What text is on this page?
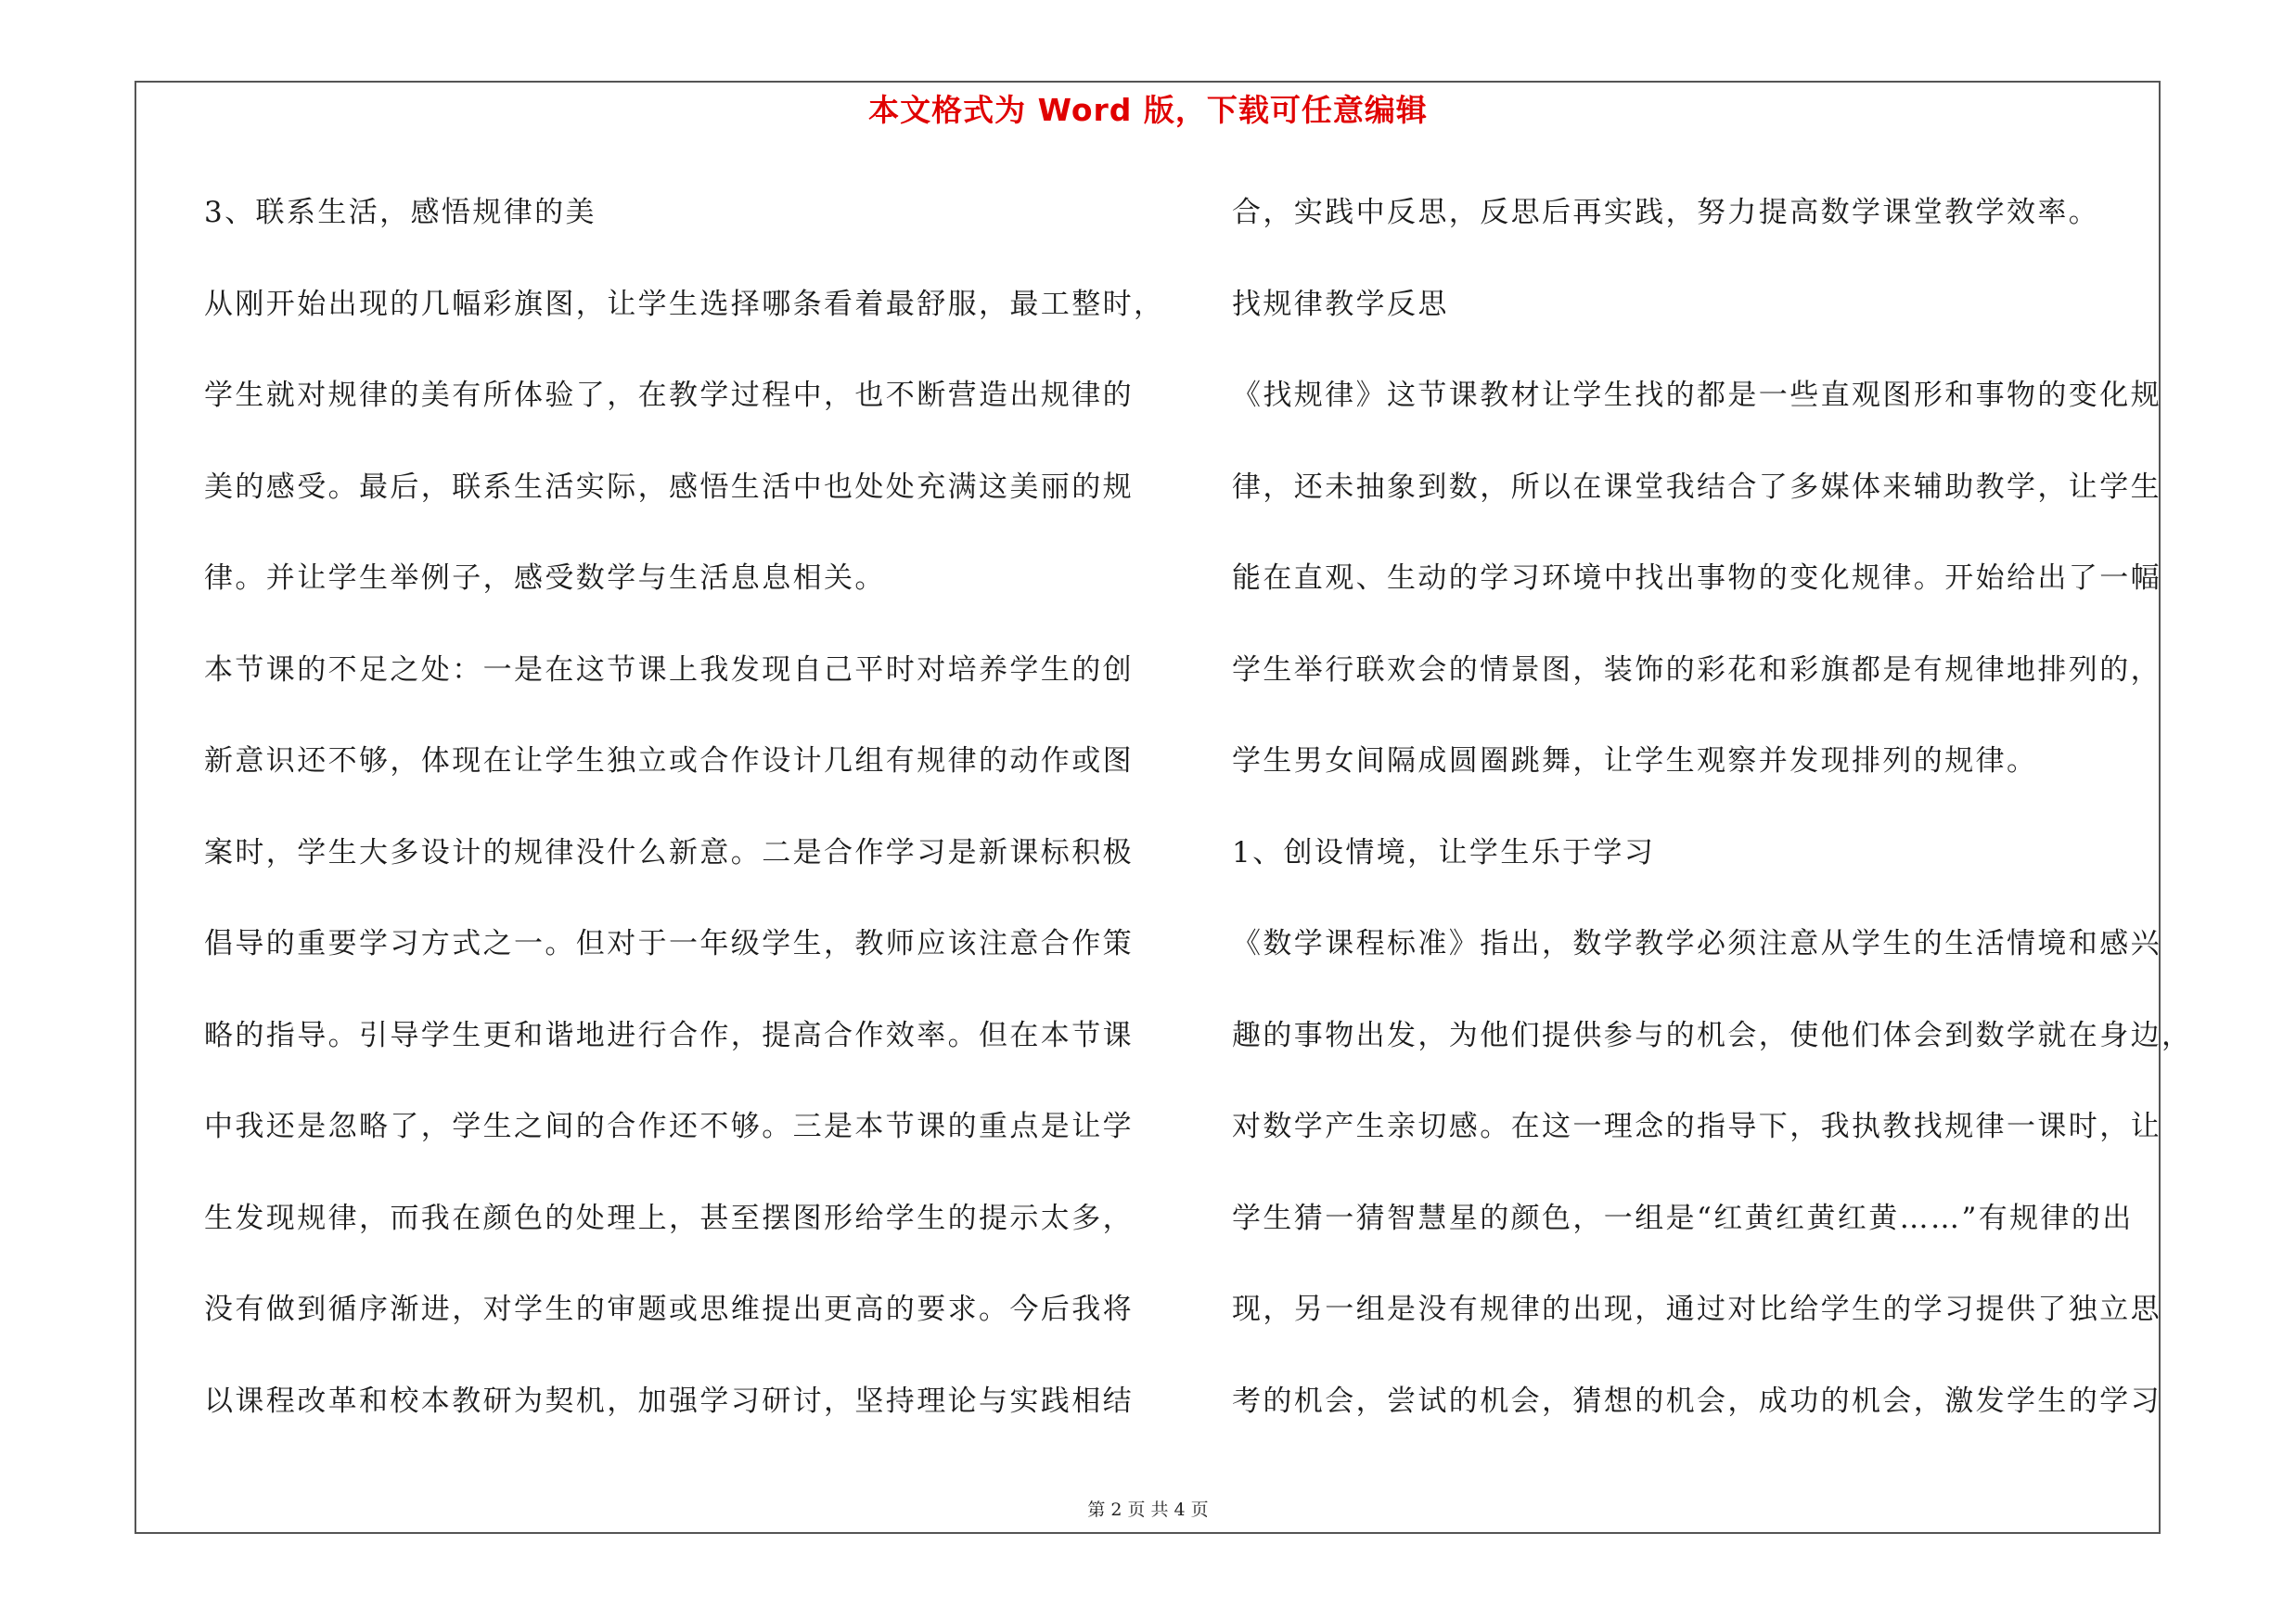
本文格式为 Word 版，下载可任意编辑
3、联系生活，感悟规律的美
从刚开始出现的几幅彩旗图，让学生选择哪条看着最舒服，最工整时，
学生就对规律的美有所体验了，在教学过程中，也不断营造出规律的
美的感受。最后，联系生活实际，感悟生活中也处处充满这美丽的规
律。并让学生举例子，感受数学与生活息息相关。
本节课的不足之处：一是在这节课上我发现自己平时对培养学生的创
新意识还不够，体现在让学生独立或合作设计几组有规律的动作或图
案时，学生大多设计的规律没什么新意。二是合作学习是新课标积极
倡导的重要学习方式之一。但对于一年级学生，教师应该注意合作策
略的指导。引导学生更和谐地进行合作，提高合作效率。但在本节课
中我还是忽略了，学生之间的合作还不够。三是本节课的重点是让学
生发现规律，而我在颜色的处理上，甚至摆图形给学生的提示太多，
没有做到循序渐进，对学生的审题或思维提出更高的要求。今后我将
以课程改革和校本教研为契机，加强学习研讨，坚持理论与实践相结
合，实践中反思，反思后再实践，努力提高数学课堂教学效率。
找规律教学反思
《找规律》这节课教材让学生找的都是一些直观图形和事物的变化规
律，还未抽象到数，所以在课堂我结合了多媒体来辅助教学，让学生
能在直观、生动的学习环境中找出事物的变化规律。开始给出了一幅
学生举行联欢会的情景图，装饰的彩花和彩旗都是有规律地排列的，
学生男女间隔成圆圈跳舞，让学生观察并发现排列的规律。
1、创设情境，让学生乐于学习
《数学课程标准》指出，数学教学必须注意从学生的生活情境和感兴
趣的事物出发，为他们提供参与的机会，使他们体会到数学就在身边，
对数学产生亲切感。在这一理念的指导下，我执教找规律一课时，让
学生猜一猜智慧星的颜色，一组是“红黄红黄红黄……”有规律的出
现，另一组是没有规律的出现，通过对比给学生的学习提供了独立思
考的机会，尝试的机会，猜想的机会，成功的机会，激发学生的学习
第 2 页 共 4 页
